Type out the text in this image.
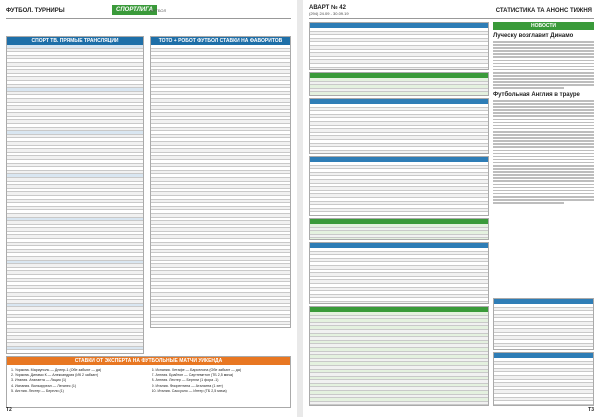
ФУТБОЛ. ТУРНИРЫ	СПОРТЛИГА
ФУТБОЛ
СПОРТ ТВ. ПРЯМЫЕ ТРАНСЛЯЦИИ	ТОТО + РОБОТ ФУТБОЛ СТАВКИ НА ФАВОРИТОВ
СТАВКИ ОТ ЭКСПЕРТА НА ФУТБОЛЬНЫЕ МАТЧИ УИКЕНДА
1. Украина. Мариуполь — Днепр-1 (Обе забьют — да)
2. Украина. Динамо К — Александрия (ИК 2 забьют)
3. Италия. Аталанта — Лацио (1)
4. Испания. Вильярреал — Леганес (1)
5. Англия. Лестер — Бернли (1)
6. Испания. Хетафе — Барселона (Обе забьют — да)
7. Англия. Брайтон — Саутгемптон (ТБ 2,5 мяча)
8. Англия. Лестер — Бернли (1 фора -1)
9. Италия. Фиорентина — Аталанта (1 хет)
10. Италия. Сассуоло — Интер (ТБ 2,5 мяча)
Т2
АВАРТ № 42
(294) 24.09 - 30.09.19	СТАТИСТИКА ТА АНОНС ТИЖНЯ
НОВОСТИ
Луческу возглавит Динамо
Футбольная Англия в трауре
Т3
